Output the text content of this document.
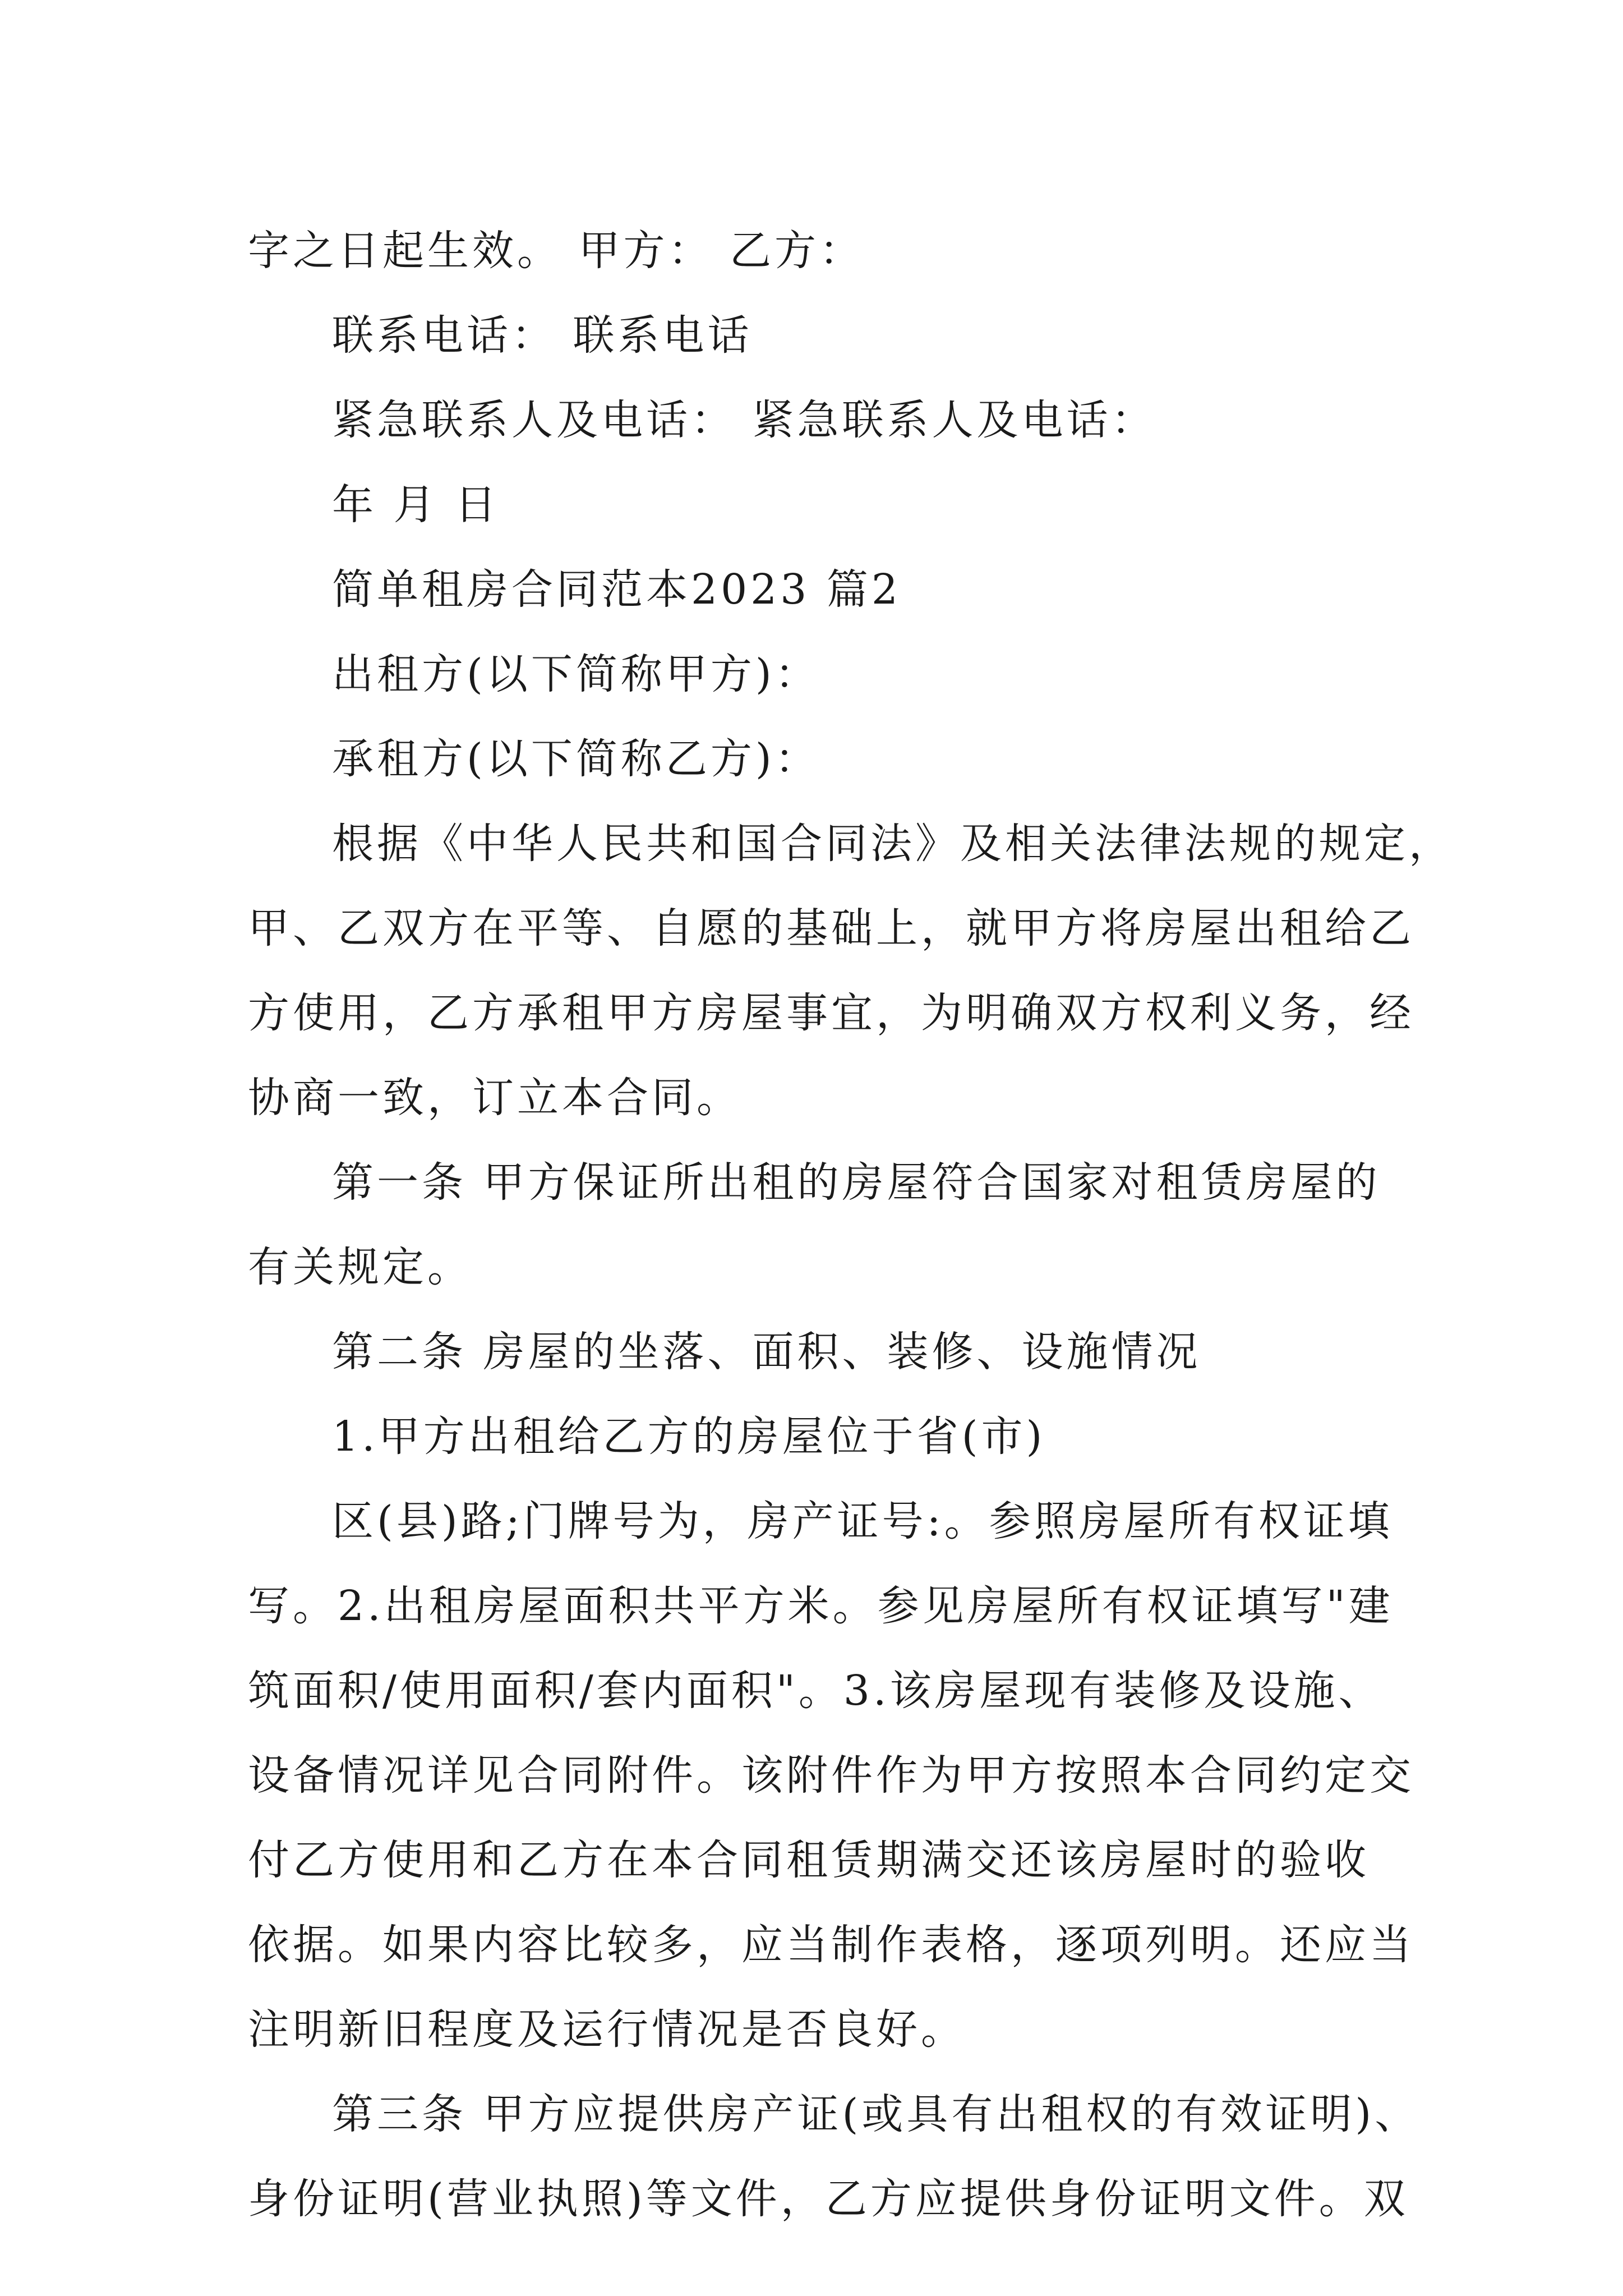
字之日起生效。 甲方： 乙方：
联系电话： 联系电话
紧急联系人及电话： 紧急联系人及电话：
年 月 日
简单租房合同范本2023 篇2
出租方(以下简称甲方)：
承租方(以下简称乙方)：
根据《中华人民共和国合同法》及相关法律法规的规定，
甲、乙双方在平等、自愿的基础上，就甲方将房屋出租给乙
方使用，乙方承租甲方房屋事宜，为明确双方权利义务，经
协商一致，订立本合同。
第一条 甲方保证所出租的房屋符合国家对租赁房屋的
有关规定。
第二条 房屋的坐落、面积、装修、设施情况
1.甲方出租给乙方的房屋位于省(市)
区(县)路;门牌号为，房产证号:。参照房屋所有权证填
写。2.出租房屋面积共平方米。参见房屋所有权证填写"建
筑面积/使用面积/套内面积"。3.该房屋现有装修及设施、
设备情况详见合同附件。该附件作为甲方按照本合同约定交
付乙方使用和乙方在本合同租赁期满交还该房屋时的验收
依据。如果内容比较多，应当制作表格，逐项列明。还应当
注明新旧程度及运行情况是否良好。
第三条 甲方应提供房产证(或具有出租权的有效证明)、
身份证明(营业执照)等文件，乙方应提供身份证明文件。双
